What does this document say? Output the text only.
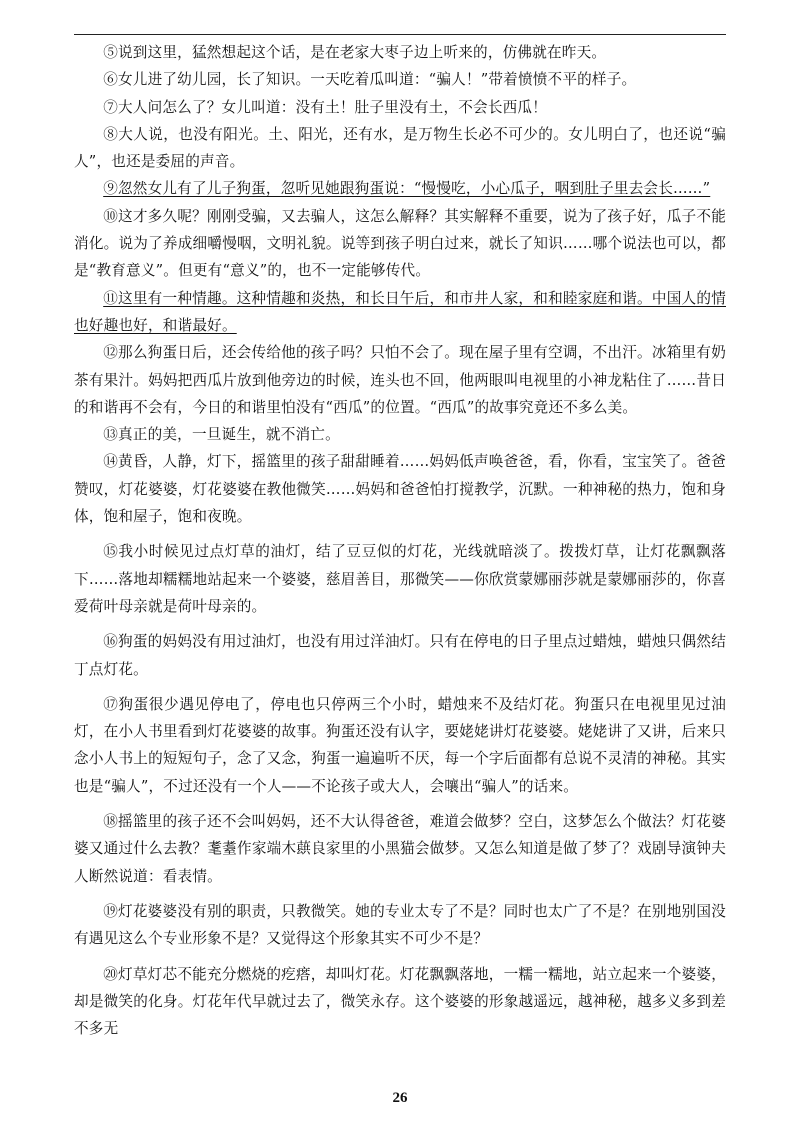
⑤说到这里，猛然想起这个话，是在老家大枣子边上听来的，仿佛就在昨天。

⑥女儿进了幼儿园，长了知识。一天吃着瓜叫道：“骗人！”带着愤愤不平的样子。

⑦大人问怎么了？女儿叫道：没有土！肚子里没有土，不会长西瓜！

⑧大人说，也没有阳光。土、阳光，还有水，是万物生长必不可少的。女儿明白了，也还说“骗人”，也还是委屈的声音。

⑨忽然女儿有了儿子狗蛋，忽听见她跟狗蛋说：“慢慢吃，小心瓜子，咽到肚子里去会长……”

⑩这才多久呢？刚刚受骗，又去骗人，这怎么解释？其实解释不重要，说为了孩子好，瓜子不能消化。说为了养成细嚼慢咽，文明礼貌。说等到孩子明白过来，就长了知识……哪个说法也可以，都是“教育意义”。但更有“意义”的，也不一定能够传代。

⑪这里有一种情趣。这种情趣和炎热，和长日午后，和市井人家，和和睦家庭和谐。中国人的情也好趣也好，和谐最好。

⑫那么狗蛋日后，还会传给他的孩子吗？只怕不会了。现在屋子里有空调，不出汗。冰箱里有奶茶有果汁。妈妈把西瓜片放到他旁边的时候，连头也不回，他两眼叫电视里的小神龙粘住了……昔日的和谐再不会有，今日的和谐里怕没有“西瓜”的位置。“西瓜”的故事究竟还不多么美。

⑬真正的美，一旦诞生，就不消亡。

⑭黄昏，人静，灯下，摇篮里的孩子甜甜睡着……妈妈低声唤爸爸，看，你看，宝宝笑了。爸爸赞叹，灯花婆婆，灯花婆婆在教他微笑……妈妈和爸爸怕打搅教学，沉默。一种神秘的热力，饱和身体，饱和屋子，饱和夜晚。

⑮我小时候见过点灯草的油灯，结了豆豆似的灯花，光线就暗淡了。拨拨灯草，让灯花飘飘落下……落地却糯糯地站起来一个婆婆，慈眉善目，那微笑——你欣赏蒙娜丽莎就是蒙娜丽莎的，你喜爱荷叶母亲就是荷叶母亲的。

⑯狗蛋的妈妈没有用过油灯，也没有用过洋油灯。只有在停电的日子里点过蜡烛，蜡烛只偶然结丁点灯花。

⑰狗蛋很少遇见停电了，停电也只停两三个小时，蜡烛来不及结灯花。狗蛋只在电视里见过油灯，在小人书里看到灯花婆婆的故事。狗蛋还没有认字，要姥姥讲灯花婆婆。姥姥讲了又讲，后来只念小人书上的短短句子，念了又念，狗蛋一遍遍听不厌，每一个字后面都有总说不灵清的神秘。其实也是“骗人”，不过还没有一个人——不论孩子或大人，会嚷出“骗人”的话来。

⑱摇篮里的孩子还不会叫妈妈，还不大认得爸爸，难道会做梦？空白，这梦怎么个做法？灯花婆婆又通过什么去教？耄耋作家端木蕻良家里的小黑猫会做梦。又怎么知道是做了梦了？戏剧导演钟夫人断然说道：看表情。

⑲灯花婆婆没有别的职责，只教微笑。她的专业太专了不是？同时也太广了不是？在别地别国没有遇见这么个专业形象不是？又觉得这个形象其实不可少不是？

⑳灯草灯芯不能充分燃烧的疙瘩，却叫灯花。灯花飘飘落地，一糯一糯地，站立起来一个婆婆，却是微笑的化身。灯花年代早就过去了，微笑永存。这个婆婆的形象越遥远，越神秘，越多义多到差不多无

26
